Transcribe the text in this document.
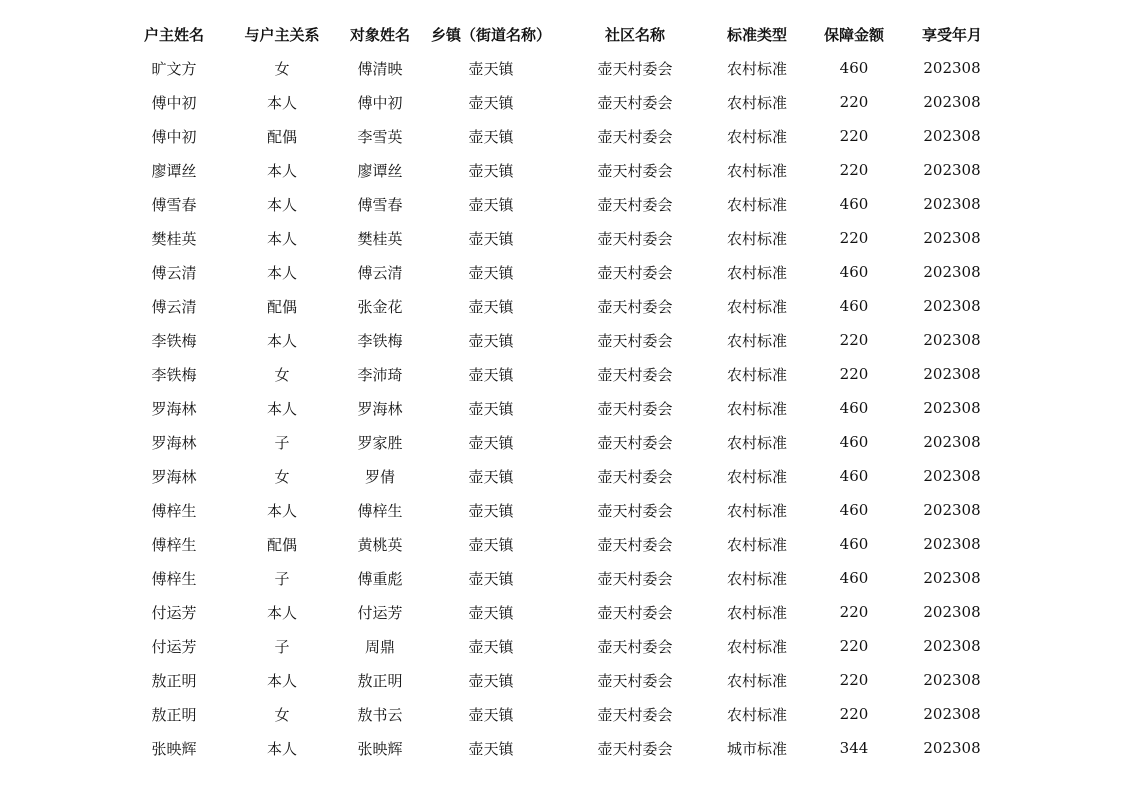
户主姓名	与户主关系	对象姓名	乡镇（街道名称）	社区名称	标准类型	保障金额	享受年月
旷文方	女	傅清映	壶天镇	壶天村委会	农村标准	460	202308
傅中初	本人	傅中初	壶天镇	壶天村委会	农村标准	220	202308
傅中初	配偶	李雪英	壶天镇	壶天村委会	农村标准	220	202308
廖谭丝	本人	廖谭丝	壶天镇	壶天村委会	农村标准	220	202308
傅雪春	本人	傅雪春	壶天镇	壶天村委会	农村标准	460	202308
樊桂英	本人	樊桂英	壶天镇	壶天村委会	农村标准	220	202308
傅云清	本人	傅云清	壶天镇	壶天村委会	农村标准	460	202308
傅云清	配偶	张金花	壶天镇	壶天村委会	农村标准	460	202308
李铁梅	本人	李铁梅	壶天镇	壶天村委会	农村标准	220	202308
李铁梅	女	李沛琦	壶天镇	壶天村委会	农村标准	220	202308
罗海林	本人	罗海林	壶天镇	壶天村委会	农村标准	460	202308
罗海林	子	罗家胜	壶天镇	壶天村委会	农村标准	460	202308
罗海林	女	罗倩	壶天镇	壶天村委会	农村标准	460	202308
傅梓生	本人	傅梓生	壶天镇	壶天村委会	农村标准	460	202308
傅梓生	配偶	黄桃英	壶天镇	壶天村委会	农村标准	460	202308
傅梓生	子	傅重彪	壶天镇	壶天村委会	农村标准	460	202308
付运芳	本人	付运芳	壶天镇	壶天村委会	农村标准	220	202308
付运芳	子	周鼎	壶天镇	壶天村委会	农村标准	220	202308
敖正明	本人	敖正明	壶天镇	壶天村委会	农村标准	220	202308
敖正明	女	敖书云	壶天镇	壶天村委会	农村标准	220	202308
张映辉	本人	张映辉	壶天镇	壶天村委会	城市标准	344	202308
